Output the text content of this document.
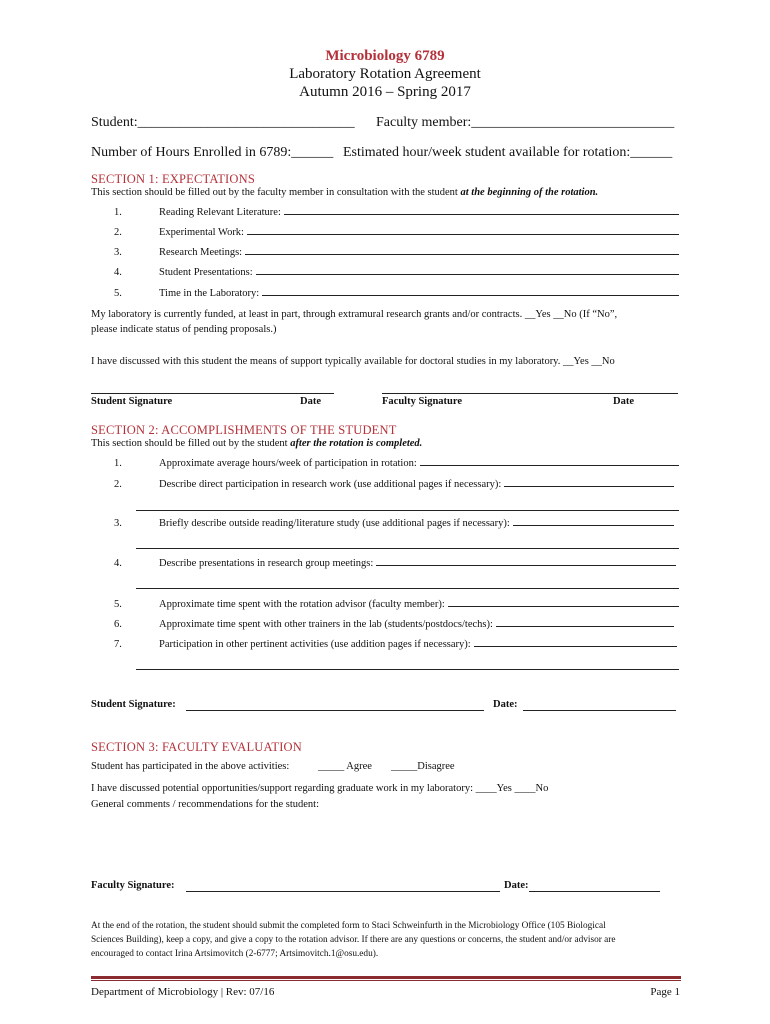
Microbiology 6789
Laboratory Rotation Agreement
Autumn 2016 – Spring 2017
Student:_______________________________ Faculty member:_____________________________
Number of Hours Enrolled in 6789:______ Estimated hour/week student available for rotation:______
SECTION 1: EXPECTATIONS
This section should be filled out by the faculty member in consultation with the student at the beginning of the rotation.
1.	Reading Relevant Literature:
2.	Experimental Work:
3.	Research Meetings:
4.	Student Presentations:
5.	Time in the Laboratory:
My laboratory is currently funded, at least in part, through extramural research grants and/or contracts. __Yes __No (If “No”,
please indicate status of pending proposals.)
I have discussed with this student the means of support typically available for doctoral studies in my laboratory. __Yes __No
Student Signature	Date	Faculty Signature	Date
SECTION 2: ACCOMPLISHMENTS OF THE STUDENT
This section should be filled out by the student after the rotation is completed.
1.	Approximate average hours/week of participation in rotation:
2.	Describe direct participation in research work (use additional pages if necessary):
3.	Briefly describe outside reading/literature study (use additional pages if necessary):
4.	Describe presentations in research group meetings:
5.	Approximate time spent with the rotation advisor (faculty member):
6.	Approximate time spent with other trainers in the lab (students/postdocs/techs):
7.	Participation in other pertinent activities (use addition pages if necessary):
Student Signature:	Date:
SECTION 3: FACULTY EVALUATION
Student has participated in the above activities:	_____ Agree _____Disagree
I have discussed potential opportunities/support regarding graduate work in my laboratory: ____Yes ____No
General comments / recommendations for the student:
Faculty Signature:	Date:
At the end of the rotation, the student should submit the completed form to Staci Schweinfurth in the Microbiology Office (105 Biological
Sciences Building), keep a copy, and give a copy to the rotation advisor. If there are any questions or concerns, the student and/or advisor are
encouraged to contact Irina Artsimovitch (2-6777; Artsimovitch.1@osu.edu).
Department of Microbiology | Rev: 07/16	Page 1
